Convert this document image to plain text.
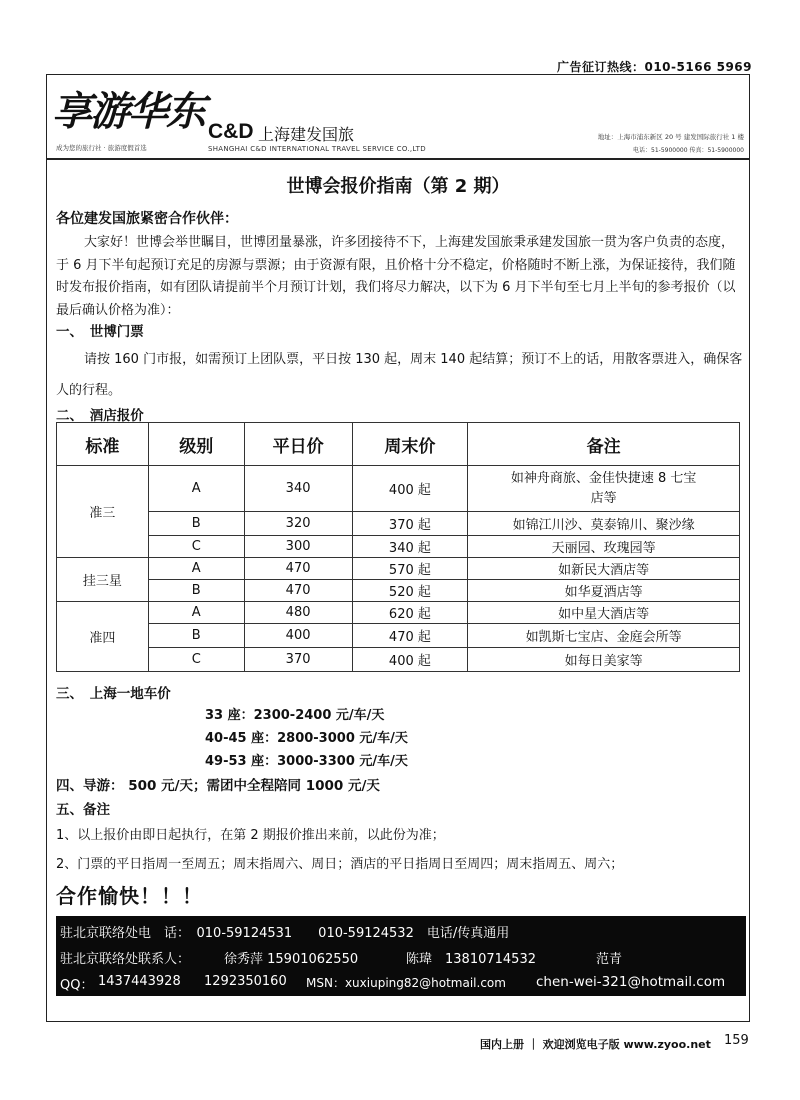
广告征订热线：010-5166 5969
享游华东
成为您的旅行社 · 旅游度假首选
C&D 上海建发国旅
SHANGHAI C&D INTERNATIONAL TRAVEL SERVICE CO.,LTD
地址：上海市浦东新区 20 号 建发国际旅行社 1 楼
电话：51-5900000 传真：51-5900000
世博会报价指南（第 2 期）
各位建发国旅紧密合作伙伴：
大家好！世博会举世瞩目，世博团量暴涨，许多团接待不下，上海建发国旅秉承建发国旅一贯为客户负责的态度，于 6 月下半旬起预订充足的房源与票源；由于资源有限，且价格十分不稳定，价格随时不断上涨，为保证接待，我们随时发布报价指南，如有团队请提前半个月预订计划，我们将尽力解决，以下为 6 月下半旬至七月上半旬的参考报价（以最后确认价格为准）：
一、　世博门票
请按 160 门市报，如需预订上团队票，平日按 130 起，周末 140 起结算；预订不上的话，用散客票进入，确保客人的行程。
二、　酒店报价
标准	级别	平日价	周末价	备注
准三	A	340	400 起	如神舟商旅、金佳快捷速 8 七宝店等
	B	320	370 起	如锦江川沙、莫泰锦川、聚沙缘
	C	300	340 起	天丽园、玫瑰园等
挂三星	A	470	570 起	如新民大酒店等
	B	470	520 起	如华夏酒店等
准四	A	480	620 起	如中星大酒店等
	B	400	470 起	如凯斯七宝店、金庭会所等
	C	370	400 起	如每日美家等
三、　上海一地车价
33 座：2300-2400 元/车/天
40-45 座：2800-3000 元/车/天
49-53 座：3000-3300 元/车/天
四、导游： 500 元/天；需团中全程陪同 1000 元/天
五、备注
1、以上报价由即日起执行，在第 2 期报价推出来前，以此份为准；
2、门票的平日指周一至周五；周末指周六、周日；酒店的平日指周日至周四；周末指周五、周六；
合作愉快！！！
驻北京联络处电　话：　010-59124531　　010-59124532　电话/传真通用
驻北京联络处联系人：	徐秀萍 15901062550	陈瑋　13810714532	范青
QQ： 1437443928 1292350160 MSN：xuxiuping82@hotmail.com chen-wei-321@hotmail.com
国内上册 ｜ 欢迎浏览电子版 www.zyoo.net 159
